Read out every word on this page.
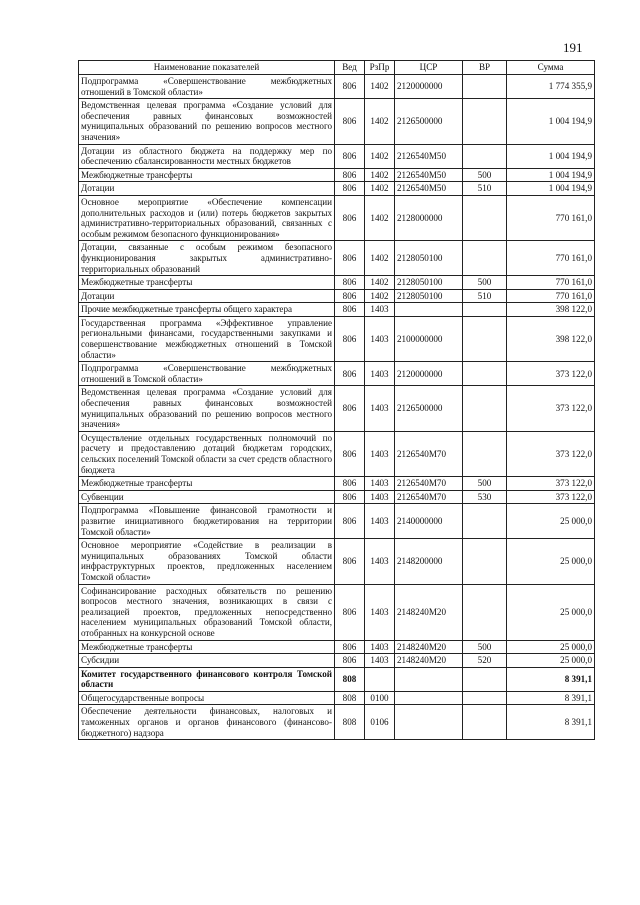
191
Наименование показателей	Вед	РзПр	ЦСР	ВР	Сумма
Подпрограмма «Совершенствование межбюджетных отношений в Томской области»	806	1402	2120000000		1 774 355,9
Ведомственная целевая программа «Создание условий для обеспечения равных финансовых возможностей муниципальных образований по решению вопросов местного значения»	806	1402	2126500000		1 004 194,9
Дотации из областного бюджета на поддержку мер по обеспечению сбалансированности местных бюджетов	806	1402	2126540M50		1 004 194,9
Межбюджетные трансферты	806	1402	2126540M50	500	1 004 194,9
Дотации	806	1402	2126540M50	510	1 004 194,9
Основное мероприятие «Обеспечение компенсации дополнительных расходов и (или) потерь бюджетов закрытых административно-территориальных образований, связанных с особым режимом безопасного функционирования»	806	1402	2128000000		770 161,0
Дотации, связанные с особым режимом безопасного функционирования закрытых административно-территориальных образований	806	1402	2128050100		770 161,0
Межбюджетные трансферты	806	1402	2128050100	500	770 161,0
Дотации	806	1402	2128050100	510	770 161,0
Прочие межбюджетные трансферты общего характера	806	1403			398 122,0
Государственная программа «Эффективное управление региональными финансами, государственными закупками и совершенствование межбюджетных отношений в Томской области»	806	1403	2100000000		398 122,0
Подпрограмма «Совершенствование межбюджетных отношений в Томской области»	806	1403	2120000000		373 122,0
Ведомственная целевая программа «Создание условий для обеспечения равных финансовых возможностей муниципальных образований по решению вопросов местного значения»	806	1403	2126500000		373 122,0
Осуществление отдельных государственных полномочий по расчету и предоставлению дотаций бюджетам городских, сельских поселений Томской области за счет средств областного бюджета	806	1403	2126540M70		373 122,0
Межбюджетные трансферты	806	1403	2126540M70	500	373 122,0
Субвенции	806	1403	2126540M70	530	373 122,0
Подпрограмма «Повышение финансовой грамотности и развитие инициативного бюджетирования на территории Томской области»	806	1403	2140000000		25 000,0
Основное мероприятие «Содействие в реализации в муниципальных образованиях Томской области инфраструктурных проектов, предложенных населением Томской области»	806	1403	2148200000		25 000,0
Софинансирование расходных обязательств по решению вопросов местного значения, возникающих в связи с реализацией проектов, предложенных непосредственно населением муниципальных образований Томской области, отобранных на конкурсной основе	806	1403	2148240M20		25 000,0
Межбюджетные трансферты	806	1403	2148240M20	500	25 000,0
Субсидии	806	1403	2148240M20	520	25 000,0
Комитет государственного финансового контроля Томской области	808				8 391,1
Общегосударственные вопросы	808	0100			8 391,1
Обеспечение деятельности финансовых, налоговых и таможенных органов и органов финансового (финансово-бюджетного) надзора	808	0106			8 391,1
